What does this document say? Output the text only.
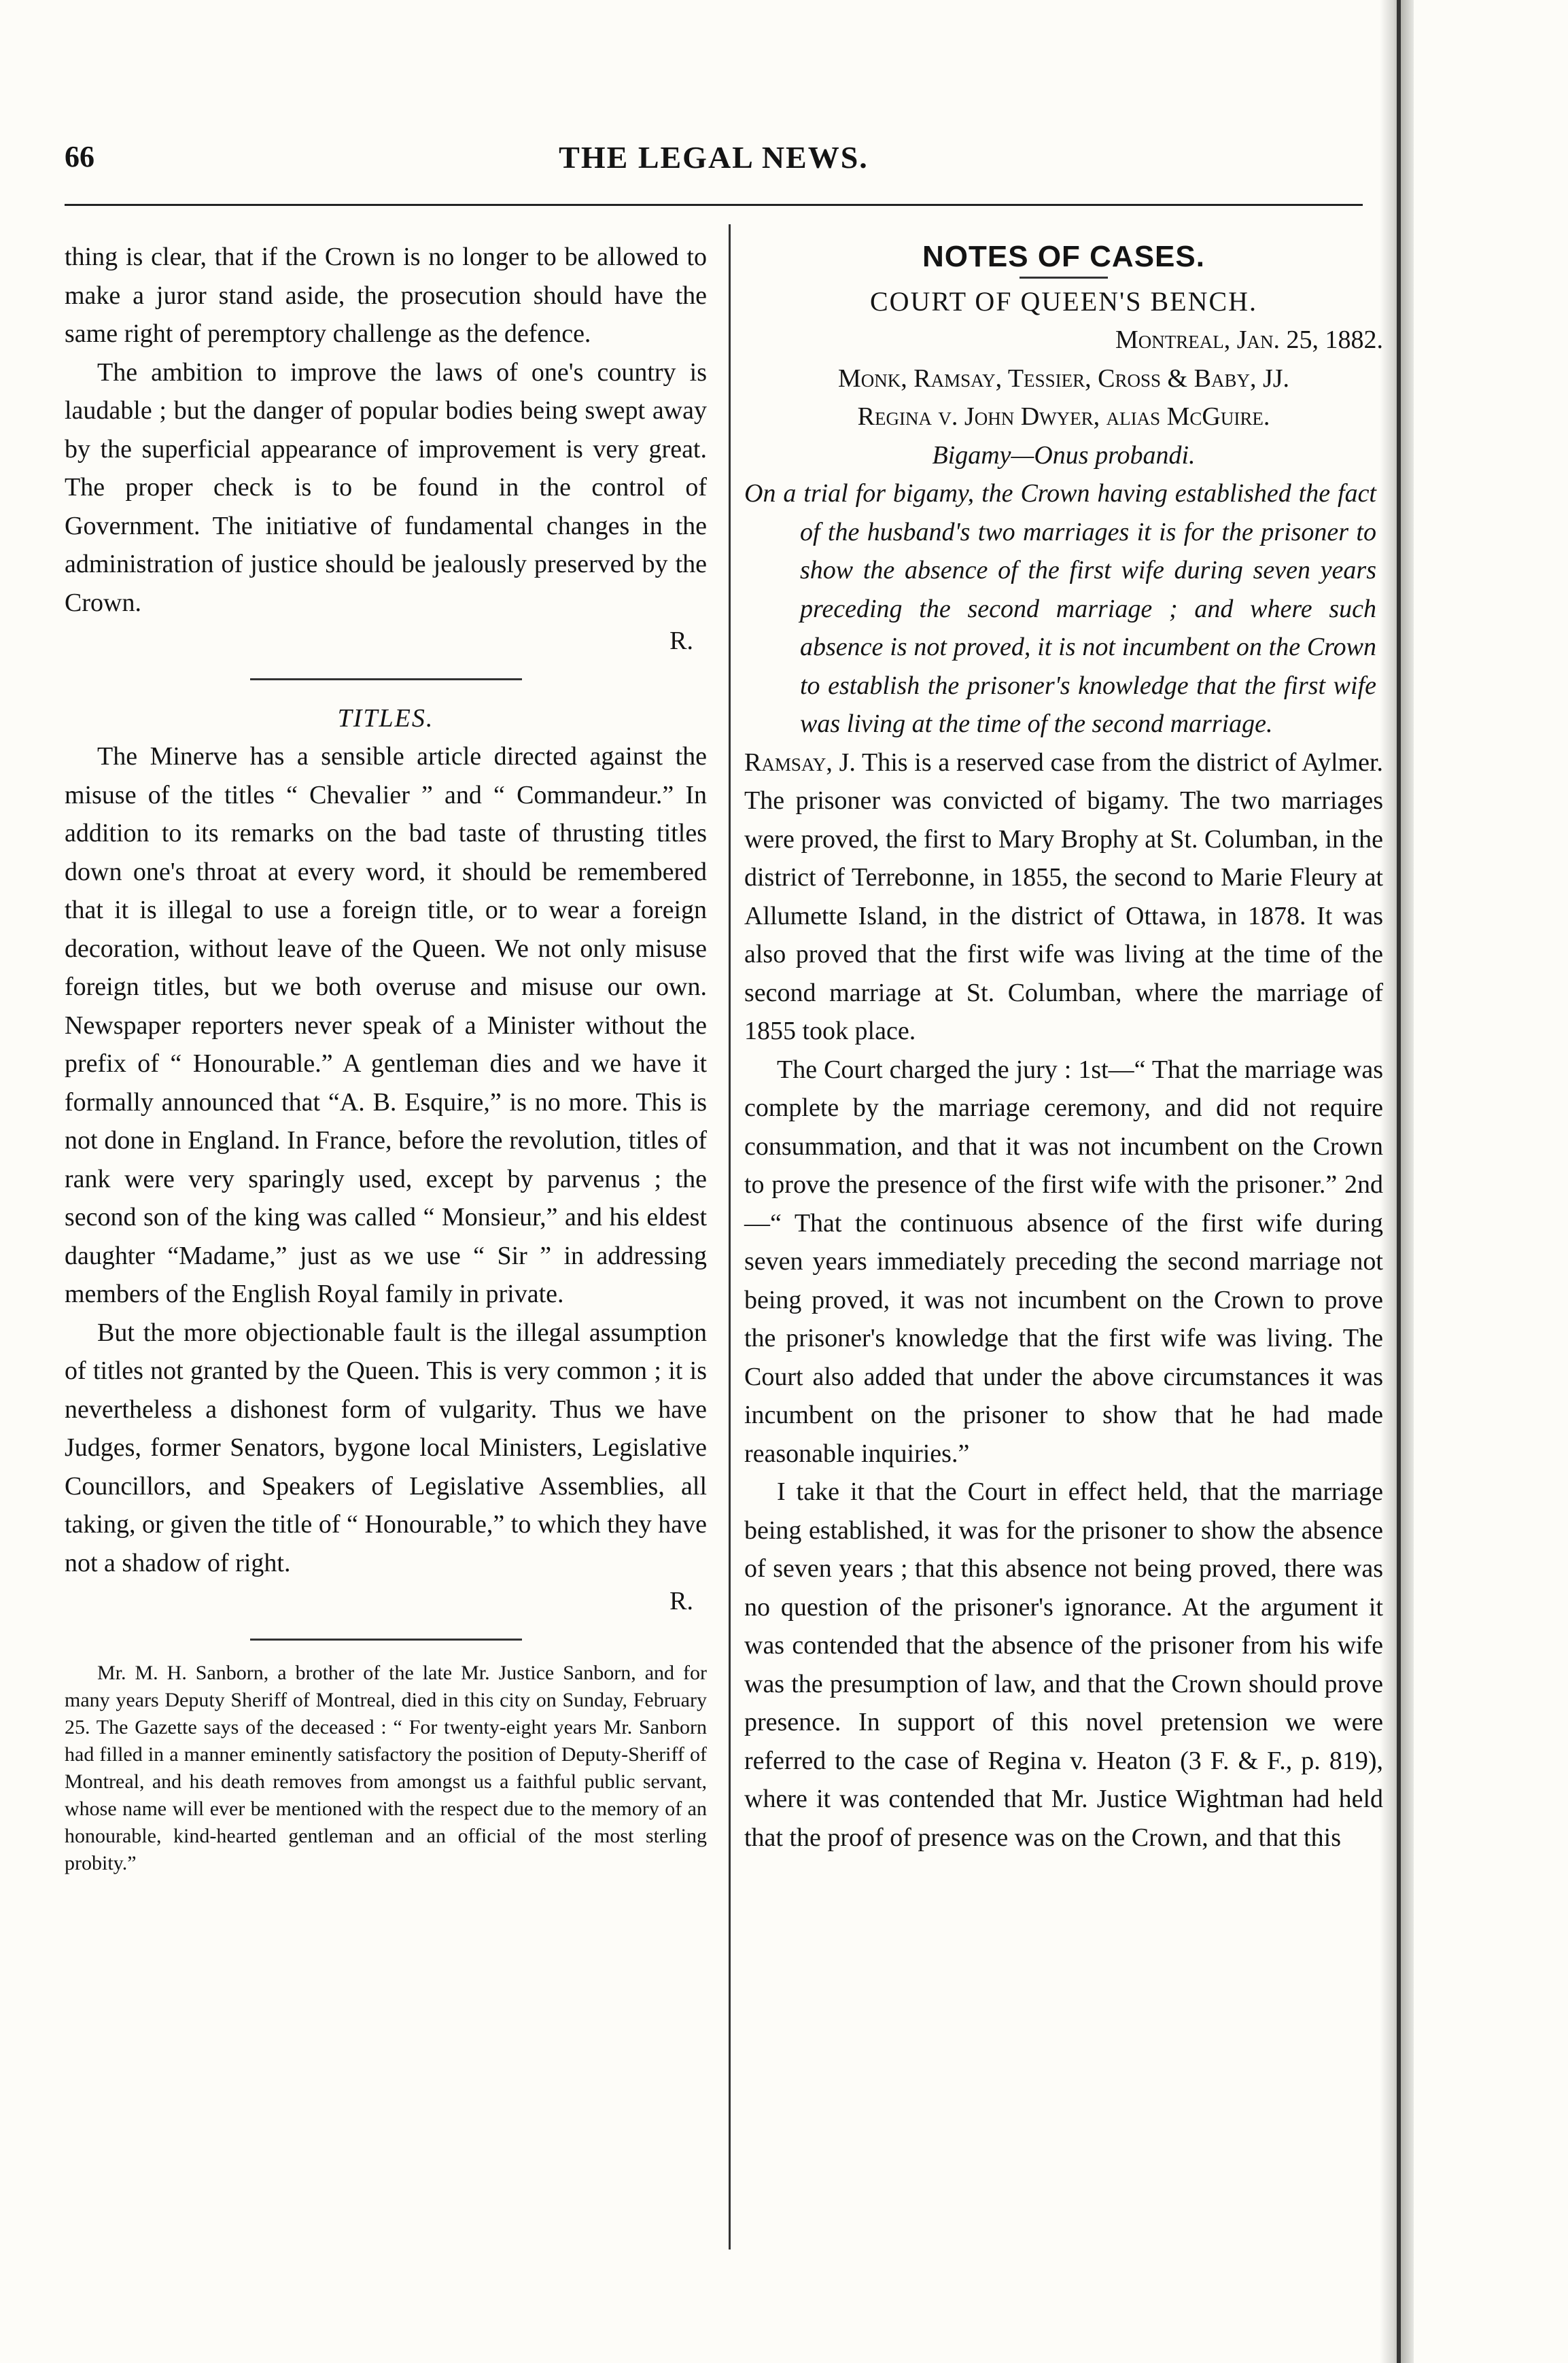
66	THE LEGAL NEWS.

thing is clear, that if the Crown is no longer to be allowed to make a juror stand aside, the prosecution should have the same right of peremptory challenge as the defence.

The ambition to improve the laws of one's country is laudable ; but the danger of popular bodies being swept away by the superficial appearance of improvement is very great. The proper check is to be found in the control of Government. The initiative of fundamental changes in the administration of justice should be jealously preserved by the Crown.

R.

TITLES.

The Minerve has a sensible article directed against the misuse of the titles “ Chevalier ” and “ Commandeur.” In addition to its remarks on the bad taste of thrusting titles down one's throat at every word, it should be remembered that it is illegal to use a foreign title, or to wear a foreign decoration, without leave of the Queen. We not only misuse foreign titles, but we both overuse and misuse our own. Newspaper reporters never speak of a Minister without the prefix of “ Honourable.” A gentleman dies and we have it formally announced that “A. B. Esquire,” is no more. This is not done in England. In France, before the revolution, titles of rank were very sparingly used, except by parvenus ; the second son of the king was called “ Monsieur,” and his eldest daughter “Madame,” just as we use “ Sir ” in addressing members of the English Royal family in private.

But the more objectionable fault is the illegal assumption of titles not granted by the Queen. This is very common ; it is nevertheless a dishonest form of vulgarity. Thus we have Judges, former Senators, bygone local Ministers, Legislative Councillors, and Speakers of Legislative Assemblies, all taking, or given the title of “ Honourable,” to which they have not a shadow of right.

R.

Mr. M. H. Sanborn, a brother of the late Mr. Justice Sanborn, and for many years Deputy Sheriff of Montreal, died in this city on Sunday, February 25. The Gazette says of the deceased : “ For twenty-eight years Mr. Sanborn had filled in a manner eminently satisfactory the position of Deputy-Sheriff of Montreal, and his death removes from amongst us a faithful public servant, whose name will ever be mentioned with the respect due to the memory of an honourable, kind-hearted gentleman and an official of the most sterling probity.”

NOTES OF CASES.

COURT OF QUEEN'S BENCH.

Montreal, Jan. 25, 1882.

Monk, Ramsay, Tessier, Cross & Baby, JJ.

Regina v. John Dwyer, alias McGuire.

Bigamy—Onus probandi.

On a trial for bigamy, the Crown having established the fact of the husband's two marriages it is for the prisoner to show the absence of the first wife during seven years preceding the second marriage ; and where such absence is not proved, it is not incumbent on the Crown to establish the prisoner's knowledge that the first wife was living at the time of the second marriage.

Ramsay, J. This is a reserved case from the district of Aylmer. The prisoner was convicted of bigamy. The two marriages were proved, the first to Mary Brophy at St. Columban, in the district of Terrebonne, in 1855, the second to Marie Fleury at Allumette Island, in the district of Ottawa, in 1878. It was also proved that the first wife was living at the time of the second marriage at St. Columban, where the marriage of 1855 took place.

The Court charged the jury : 1st—“ That the marriage was complete by the marriage ceremony, and did not require consummation, and that it was not incumbent on the Crown to prove the presence of the first wife with the prisoner.” 2nd—“ That the continuous absence of the first wife during seven years immediately preceding the second marriage not being proved, it was not incumbent on the Crown to prove the prisoner's knowledge that the first wife was living. The Court also added that under the above circumstances it was incumbent on the prisoner to show that he had made reasonable inquiries.”

I take it that the Court in effect held, that the marriage being established, it was for the prisoner to show the absence of seven years ; that this absence not being proved, there was no question of the prisoner's ignorance. At the argument it was contended that the absence of the prisoner from his wife was the presumption of law, and that the Crown should prove presence. In support of this novel pretension we were referred to the case of Regina v. Heaton (3 F. & F., p. 819), where it was contended that Mr. Justice Wightman had held that the proof of presence was on the Crown, and that this
